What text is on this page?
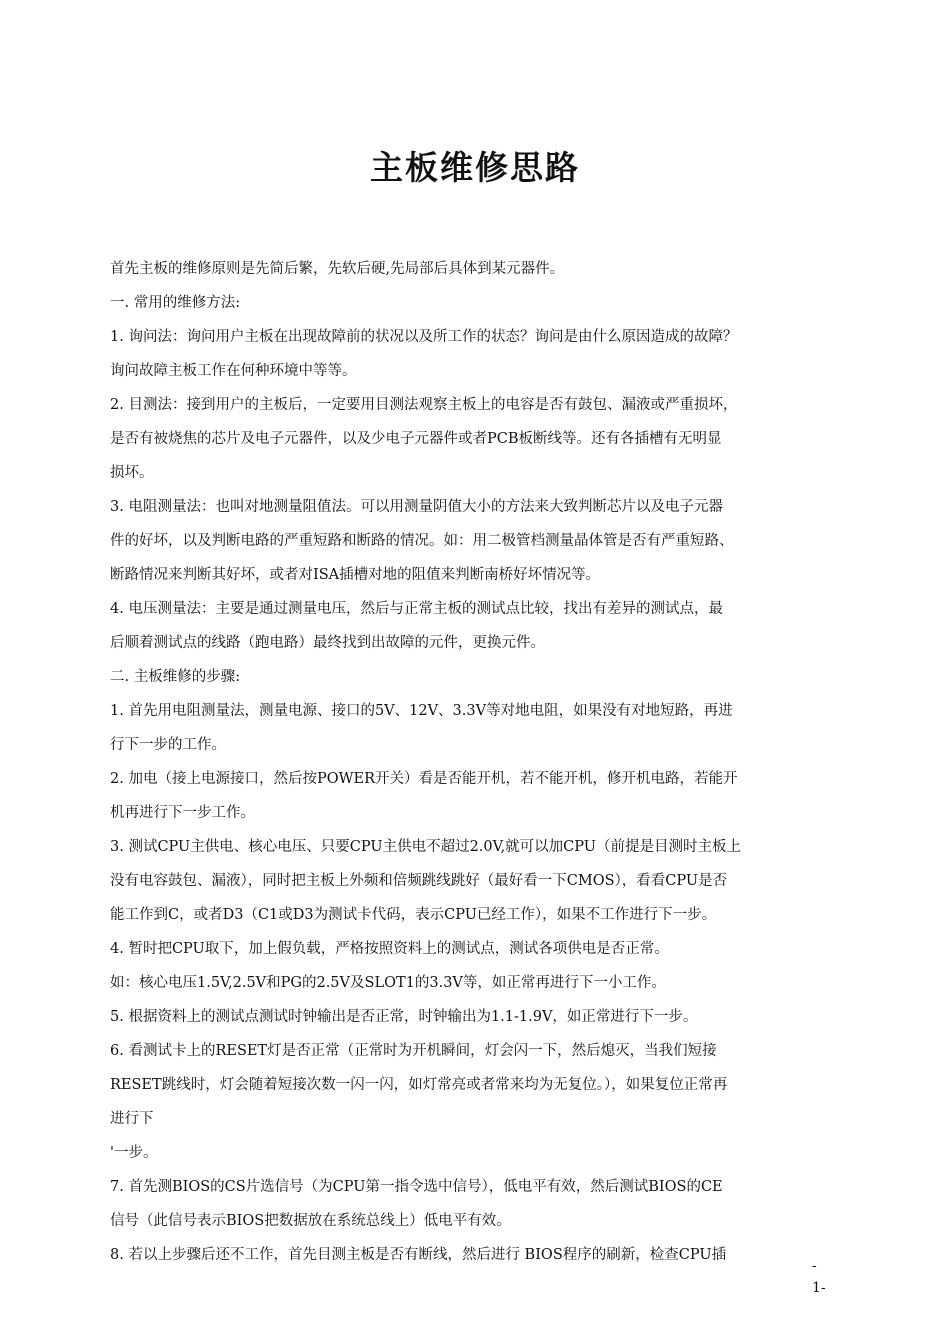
主板维修思路
首先主板的维修原则是先简后繁，先软后硬,先局部后具体到某元器件。
一. 常用的维修方法:
1. 询问法：询问用户主板在出现故障前的状况以及所工作的状态？询问是由什么原因造成的故障？
询问故障主板工作在何种环境中等等。
2. 目测法：接到用户的主板后，一定要用目测法观察主板上的电容是否有鼓包、漏液或严重损坏，
是否有被烧焦的芯片及电子元器件，以及少电子元器件或者PCB板断线等。还有各插槽有无明显
损坏。
3. 电阻测量法：也叫对地测量阻值法。可以用测量阴值大小的方法来大致判断芯片以及电子元器
件的好坏，以及判断电路的严重短路和断路的情况。如：用二极管档测量晶体管是否有严重短路、
断路情况来判断其好坏，或者对ISA插槽对地的阻值来判断南桥好坏情况等。
4. 电压测量法：主要是通过测量电压，然后与正常主板的测试点比较，找出有差异的测试点，最
后顺着测试点的线路（跑电路）最终找到出故障的元件，更换元件。
二. 主板维修的步骤:
1. 首先用电阻测量法，测量电源、接口的5V、12V、3.3V等对地电阻，如果没有对地短路，再进
行下一步的工作。
2. 加电（接上电源接口，然后按POWER开关）看是否能开机，若不能开机，修开机电路，若能开
机再进行下一步工作。
3. 测试CPU主供电、核心电压、只要CPU主供电不超过2.0V,就可以加CPU（前提是目测时主板上
没有电容鼓包、漏液），同时把主板上外频和倍频跳线跳好（最好看一下CMOS），看看CPU是否
能工作到C，或者D3（C1或D3为测试卡代码，表示CPU已经工作），如果不工作进行下一步。
4. 暂时把CPU取下，加上假负载，严格按照资料上的测试点，测试各项供电是否正常。
如：核心电压1.5V,2.5V和PG的2.5V及SLOT1的3.3V等，如正常再进行下一小工作。
5. 根据资料上的测试点测试时钟输出是否正常，时钟输出为1.1-1.9V，如正常进行下一步。
6. 看测试卡上的RESET灯是否正常（正常时为开机瞬间，灯会闪一下，然后熄灭，当我们短接
RESET跳线时，灯会随着短接次数一闪一闪，如灯常亮或者常来均为无复位。），如果复位正常再
进行下
'一步。
7. 首先测BIOS的CS片选信号（为CPU第一指令选中信号），低电平有效，然后测试BIOS的CE
信号（此信号表示BIOS把数据放在系统总线上）低电平有效。
8. 若以上步骤后还不工作，首先目测主板是否有断线，然后进行 BIOS程序的刷新，检查CPU插
-
1-
